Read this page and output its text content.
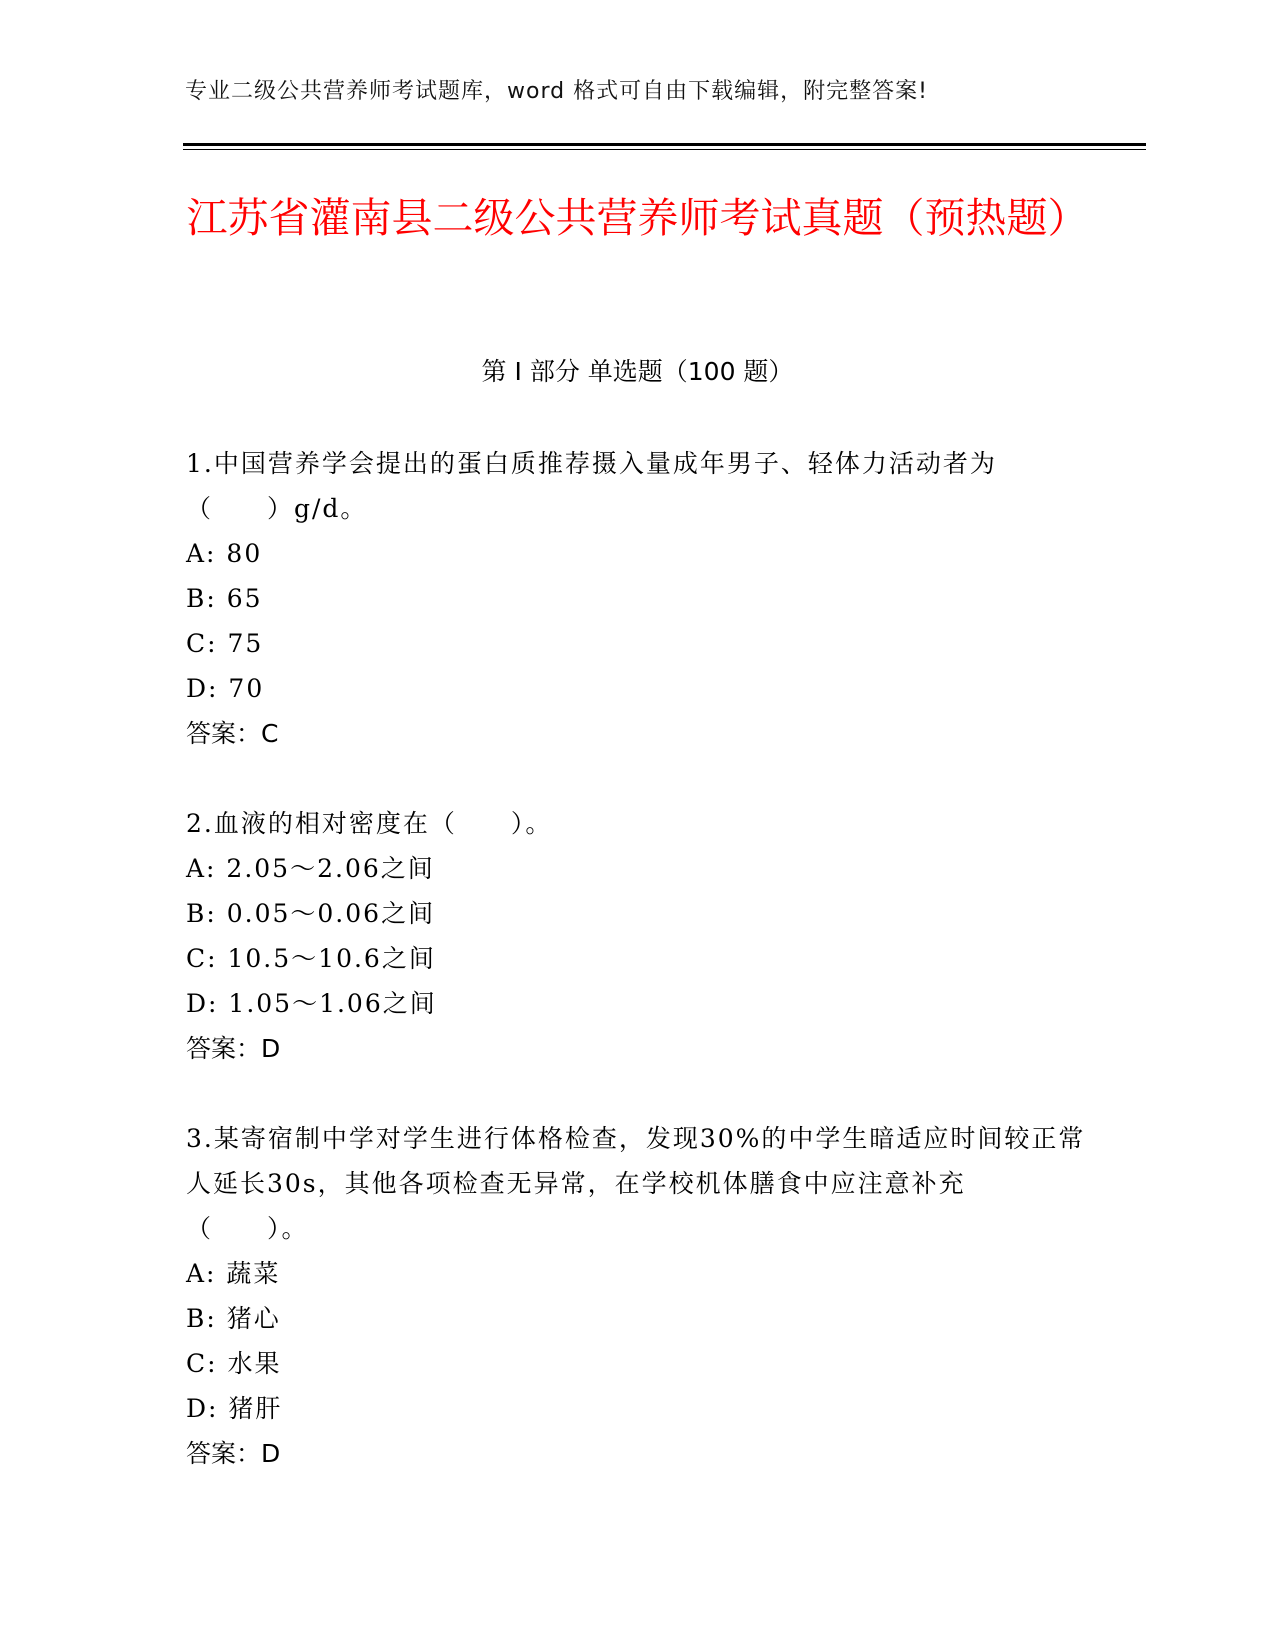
专业二级公共营养师考试题库，word 格式可自由下载编辑，附完整答案!
江苏省灌南县二级公共营养师考试真题（预热题）
第 I 部分 单选题（100 题）

1.中国营养学会提出的蛋白质推荐摄入量成年男子、轻体力活动者为（　　）g/d。

A: 80

B: 65

C: 75

D: 70

答案：C

2.血液的相对密度在（　　）。

A: 2.05～2.06之间

B: 0.05～0.06之间

C: 10.5～10.6之间

D: 1.05～1.06之间

答案：D

3.某寄宿制中学对学生进行体格检查，发现30%的中学生暗适应时间较正常人延长30s，其他各项检查无异常，在学校机体膳食中应注意补充（　　）。

A: 蔬菜

B: 猪心

C: 水果

D: 猪肝

答案：D
